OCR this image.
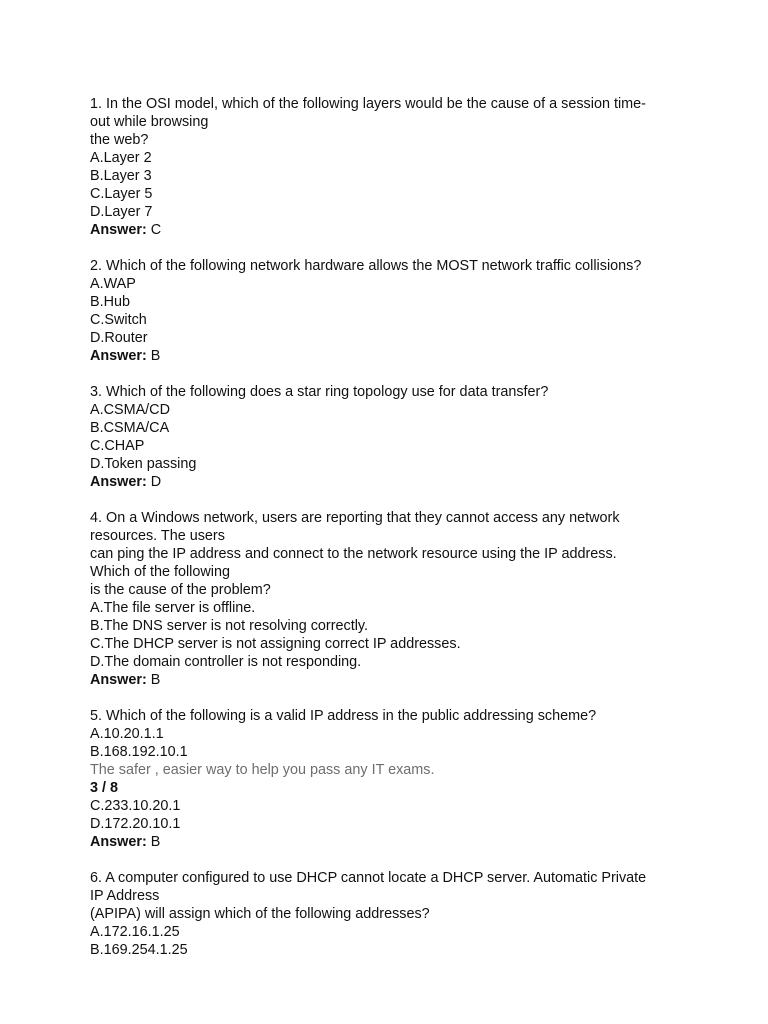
1. In the OSI model, which of the following layers would be the cause of a session time-
out while browsing
the web?
A.Layer 2
B.Layer 3
C.Layer 5
D.Layer 7
Answer: C
2. Which of the following network hardware allows the MOST network traffic collisions?
A.WAP
B.Hub
C.Switch
D.Router
Answer: B
3. Which of the following does a star ring topology use for data transfer?
A.CSMA/CD
B.CSMA/CA
C.CHAP
D.Token passing
Answer: D
4. On a Windows network, users are reporting that they cannot access any network
resources. The users
can ping the IP address and connect to the network resource using the IP address.
Which of the following
is the cause of the problem?
A.The file server is offline.
B.The DNS server is not resolving correctly.
C.The DHCP server is not assigning correct IP addresses.
D.The domain controller is not responding.
Answer: B
5. Which of the following is a valid IP address in the public addressing scheme?
A.10.20.1.1
B.168.192.10.1
The safer , easier way to help you pass any IT exams.
3 / 8
C.233.10.20.1
D.172.20.10.1
Answer: B
6. A computer configured to use DHCP cannot locate a DHCP server. Automatic Private
IP Address
(APIPA) will assign which of the following addresses?
A.172.16.1.25
B.169.254.1.25
